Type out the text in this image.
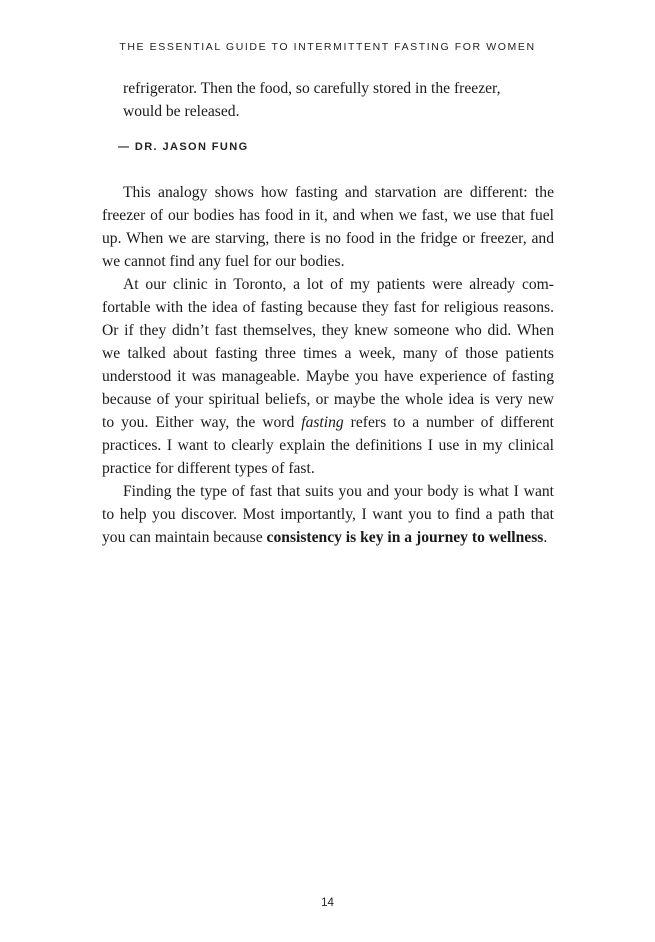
THE ESSENTIAL GUIDE TO INTERMITTENT FASTING FOR WOMEN

refrigerator. Then the food, so carefully stored in the freezer, would be released.

— DR. JASON FUNG

This analogy shows how fasting and starvation are different: the freezer of our bodies has food in it, and when we fast, we use that fuel up. When we are starving, there is no food in the fridge or freezer, and we cannot find any fuel for our bodies.

At our clinic in Toronto, a lot of my patients were already comfortable with the idea of fasting because they fast for religious reasons. Or if they didn’t fast themselves, they knew someone who did. When we talked about fasting three times a week, many of those patients understood it was manageable. Maybe you have experience of fasting because of your spiritual beliefs, or maybe the whole idea is very new to you. Either way, the word fasting refers to a number of different practices. I want to clearly explain the definitions I use in my clinical practice for different types of fast.

Finding the type of fast that suits you and your body is what I want to help you discover. Most importantly, I want you to find a path that you can maintain because consistency is key in a journey to wellness.

14
